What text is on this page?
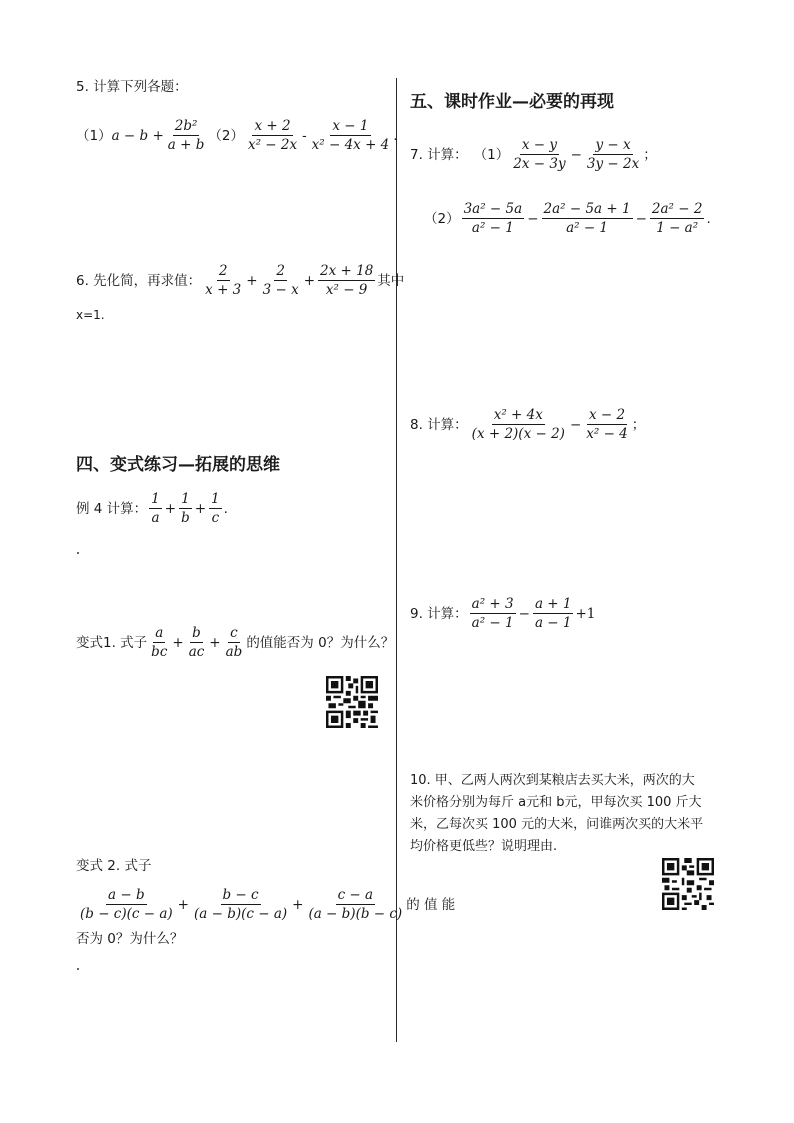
5. 计算下列各题：
（1） $a - b + \frac{\text{2b²}}{a + b} (2) \frac{x + 2}{\text{x² − 2x}} - \frac{x - 1}{\text{x² − 4x + 4}}$ .
6. 先化简，再求值： $\frac{2}{x + 3} + \frac{2}{3 - x} + \frac{2x + 18}{\text{x² − 9}}$ 其中
x=1.
四、变式练习—拓展的思维
例 4 计算： $\frac{1}{a} + \frac{1}{b} + \frac{1}{c}$ .
变式1. 式子 $\frac{a}{bc} + \frac{b}{ac} + \frac{c}{ab}$ 的值能否为 0？为什么？
变式 2. 式子
$\frac{a - b}{(b - c)(c - a)} + \frac{b - c}{(a - b)(c - a)} + \frac{c - a}{(a - b)(b - c)}$ 的 值 能
否为 0？为什么？
五、课时作业—必要的再现
7. 计算： $(1) \frac{x - y}{2x - 3y} - \frac{y - x}{3y - 2x}$ ；
$(2) \frac{\text{3a² − 5a}}{\text{a² − 1}} - \frac{\text{2a² − 5a + 1}}{\text{a² − 1}} - \frac{\text{2a² − 2}}{\text{1 − a²}}$ .
8. 计算： $\frac{\text{x² + 4x}}{(x + 2)(x - 2)} - \frac{x - 2}{\text{x² − 4}}$ ；
9. 计算： $\frac{\text{a² + 3}}{\text{a² − 1}} - \frac{a + 1}{a - 1} +1$
10. 甲、乙两人两次到某粮店去买大米，两次的大
米价格分别为每斤 a元和 b元，甲每次买 100 斤大
米，乙每次买 100 元的大米，问谁两次买的大米平
均价格更低些？说明理由.
